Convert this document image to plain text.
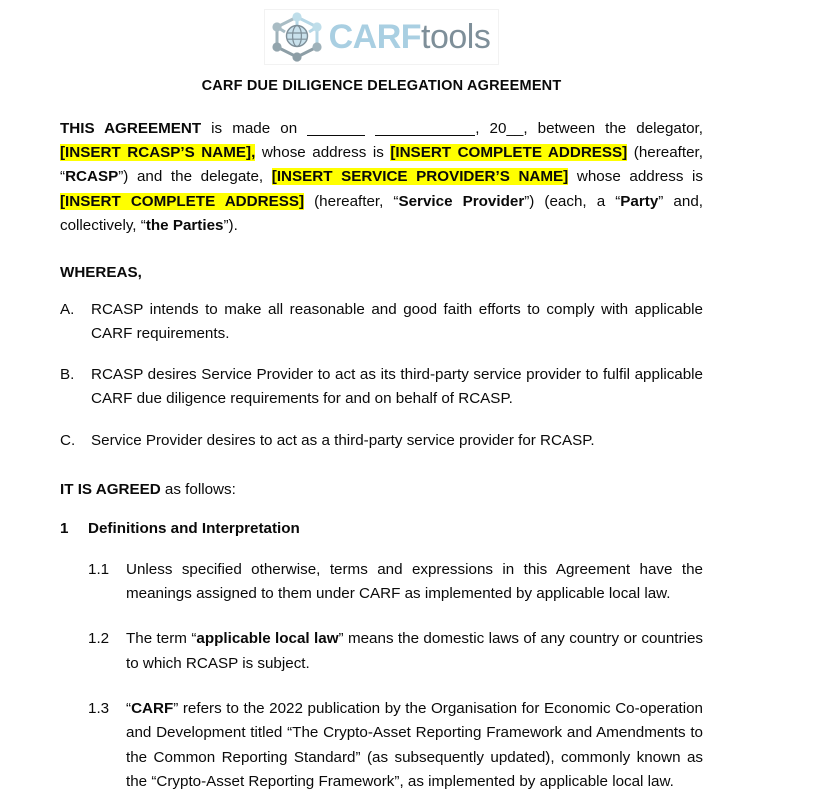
CARFtools
CARF DUE DILIGENCE DELEGATION AGREEMENT

THIS AGREEMENT is made on	, 20__, between the delegator, [INSERT RCASP’S NAME], whose address is [INSERT COMPLETE ADDRESS] (hereafter, “RCASP”) and the delegate, [INSERT SERVICE PROVIDER’S NAME] whose address is [INSERT COMPLETE ADDRESS] (hereafter, “Service Provider”) (each, a “Party” and, collectively, “the Parties”).

WHEREAS,

A.	RCASP intends to make all reasonable and good faith efforts to comply with applicable CARF requirements.
B.	RCASP desires Service Provider to act as its third-party service provider to fulfil applicable CARF due diligence requirements for and on behalf of RCASP.
C.	Service Provider desires to act as a third-party service provider for RCASP.

IT IS AGREED as follows:

1	Definitions and Interpretation
1.1	Unless specified otherwise, terms and expressions in this Agreement have the meanings assigned to them under CARF as implemented by applicable local law.
1.2	The term “applicable local law” means the domestic laws of any country or countries to which RCASP is subject.
1.3	“CARF” refers to the 2022 publication by the Organisation for Economic Co-operation and Development titled “The Crypto-Asset Reporting Framework and Amendments to the Common Reporting Standard” (as subsequently updated), commonly known as the “Crypto-Asset Reporting Framework”, as implemented by applicable local law.
